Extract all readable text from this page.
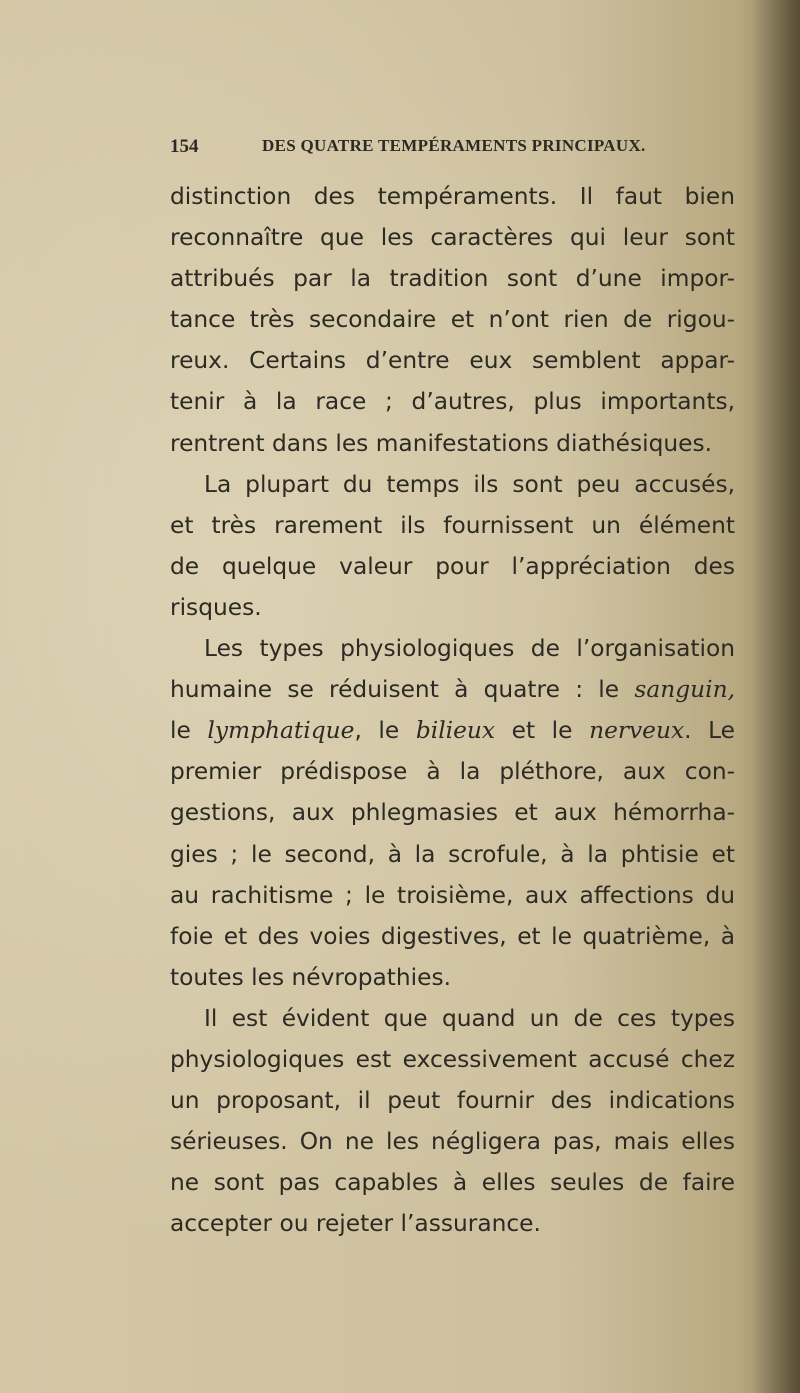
154	DES QUATRE TEMPÉRAMENTS PRINCIPAUX.
distinction des tempéraments. Il faut bien
reconnaître que les caractères qui leur sont
attribués par la tradition sont d’une impor-
tance très secondaire et n’ont rien de rigou-
reux. Certains d’entre eux semblent appar-
tenir à la race ; d’autres, plus importants,
rentrent dans les manifestations diathésiques.
La plupart du temps ils sont peu accusés,
et très rarement ils fournissent un élément
de quelque valeur pour l’appréciation des
risques.
Les types physiologiques de l’organisation
humaine se réduisent à quatre : le sanguin,
le lymphatique, le bilieux et le nerveux. Le
premier prédispose à la pléthore, aux con-
gestions, aux phlegmasies et aux hémorrha-
gies ; le second, à la scrofule, à la phtisie et
au rachitisme ; le troisième, aux affections du
foie et des voies digestives, et le quatrième, à
toutes les névropathies.
Il est évident que quand un de ces types
physiologiques est excessivement accusé chez
un proposant, il peut fournir des indications
sérieuses. On ne les négligera pas, mais elles
ne sont pas capables à elles seules de faire
accepter ou rejeter l’assurance.
